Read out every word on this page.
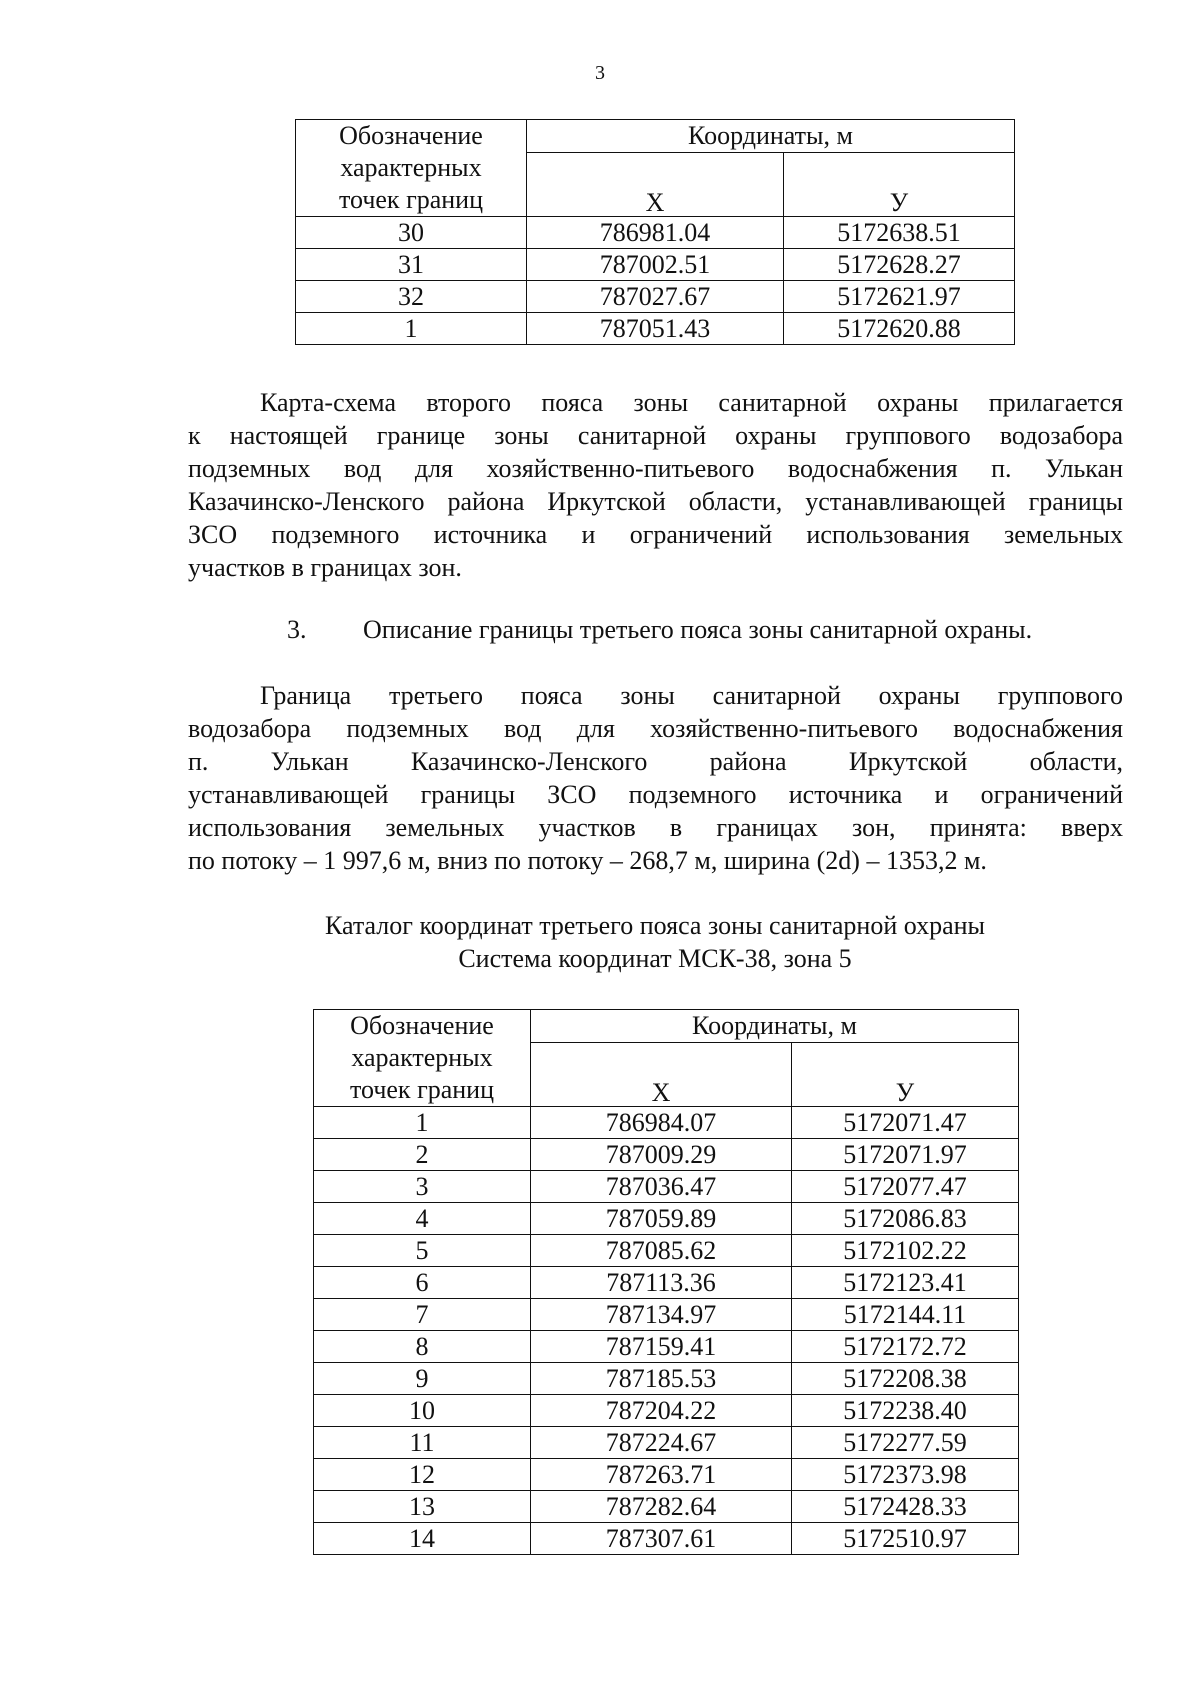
3
Обозначение
характерных
точек границ	Координаты, м	
	Х	У
30	786981.04	5172638.51
31	787002.51	5172628.27
32	787027.67	5172621.97
1	787051.43	5172620.88

Карта-схема второго пояса зоны санитарной охраны прилагается

к настоящей границе зоны санитарной охраны группового водозабора

подземных вод для хозяйственно-питьевого водоснабжения п. Улькан

Казачинско-Ленского района Иркутской области, устанавливающей границы

ЗСО подземного источника и ограничений использования земельных

участков в границах зон.

3. Описание границы третьего пояса зоны санитарной охраны.

Граница третьего пояса зоны санитарной охраны группового

водозабора подземных вод для хозяйственно-питьевого водоснабжения

п. Улькан Казачинско-Ленского района Иркутской области,

устанавливающей границы ЗСО подземного источника и ограничений

использования земельных участков в границах зон, принята: вверх

по потоку – 1 997,6 м, вниз по потоку – 268,7 м, ширина (2d) – 1353,2 м.

Каталог координат третьего пояса зоны санитарной охраны
Система координат МСК-38, зона 5
Обозначение
характерных
точек границ	Координаты, м	
	Х	У
1	786984.07	5172071.47
2	787009.29	5172071.97
3	787036.47	5172077.47
4	787059.89	5172086.83
5	787085.62	5172102.22
6	787113.36	5172123.41
7	787134.97	5172144.11
8	787159.41	5172172.72
9	787185.53	5172208.38
10	787204.22	5172238.40
11	787224.67	5172277.59
12	787263.71	5172373.98
13	787282.64	5172428.33
14	787307.61	5172510.97
